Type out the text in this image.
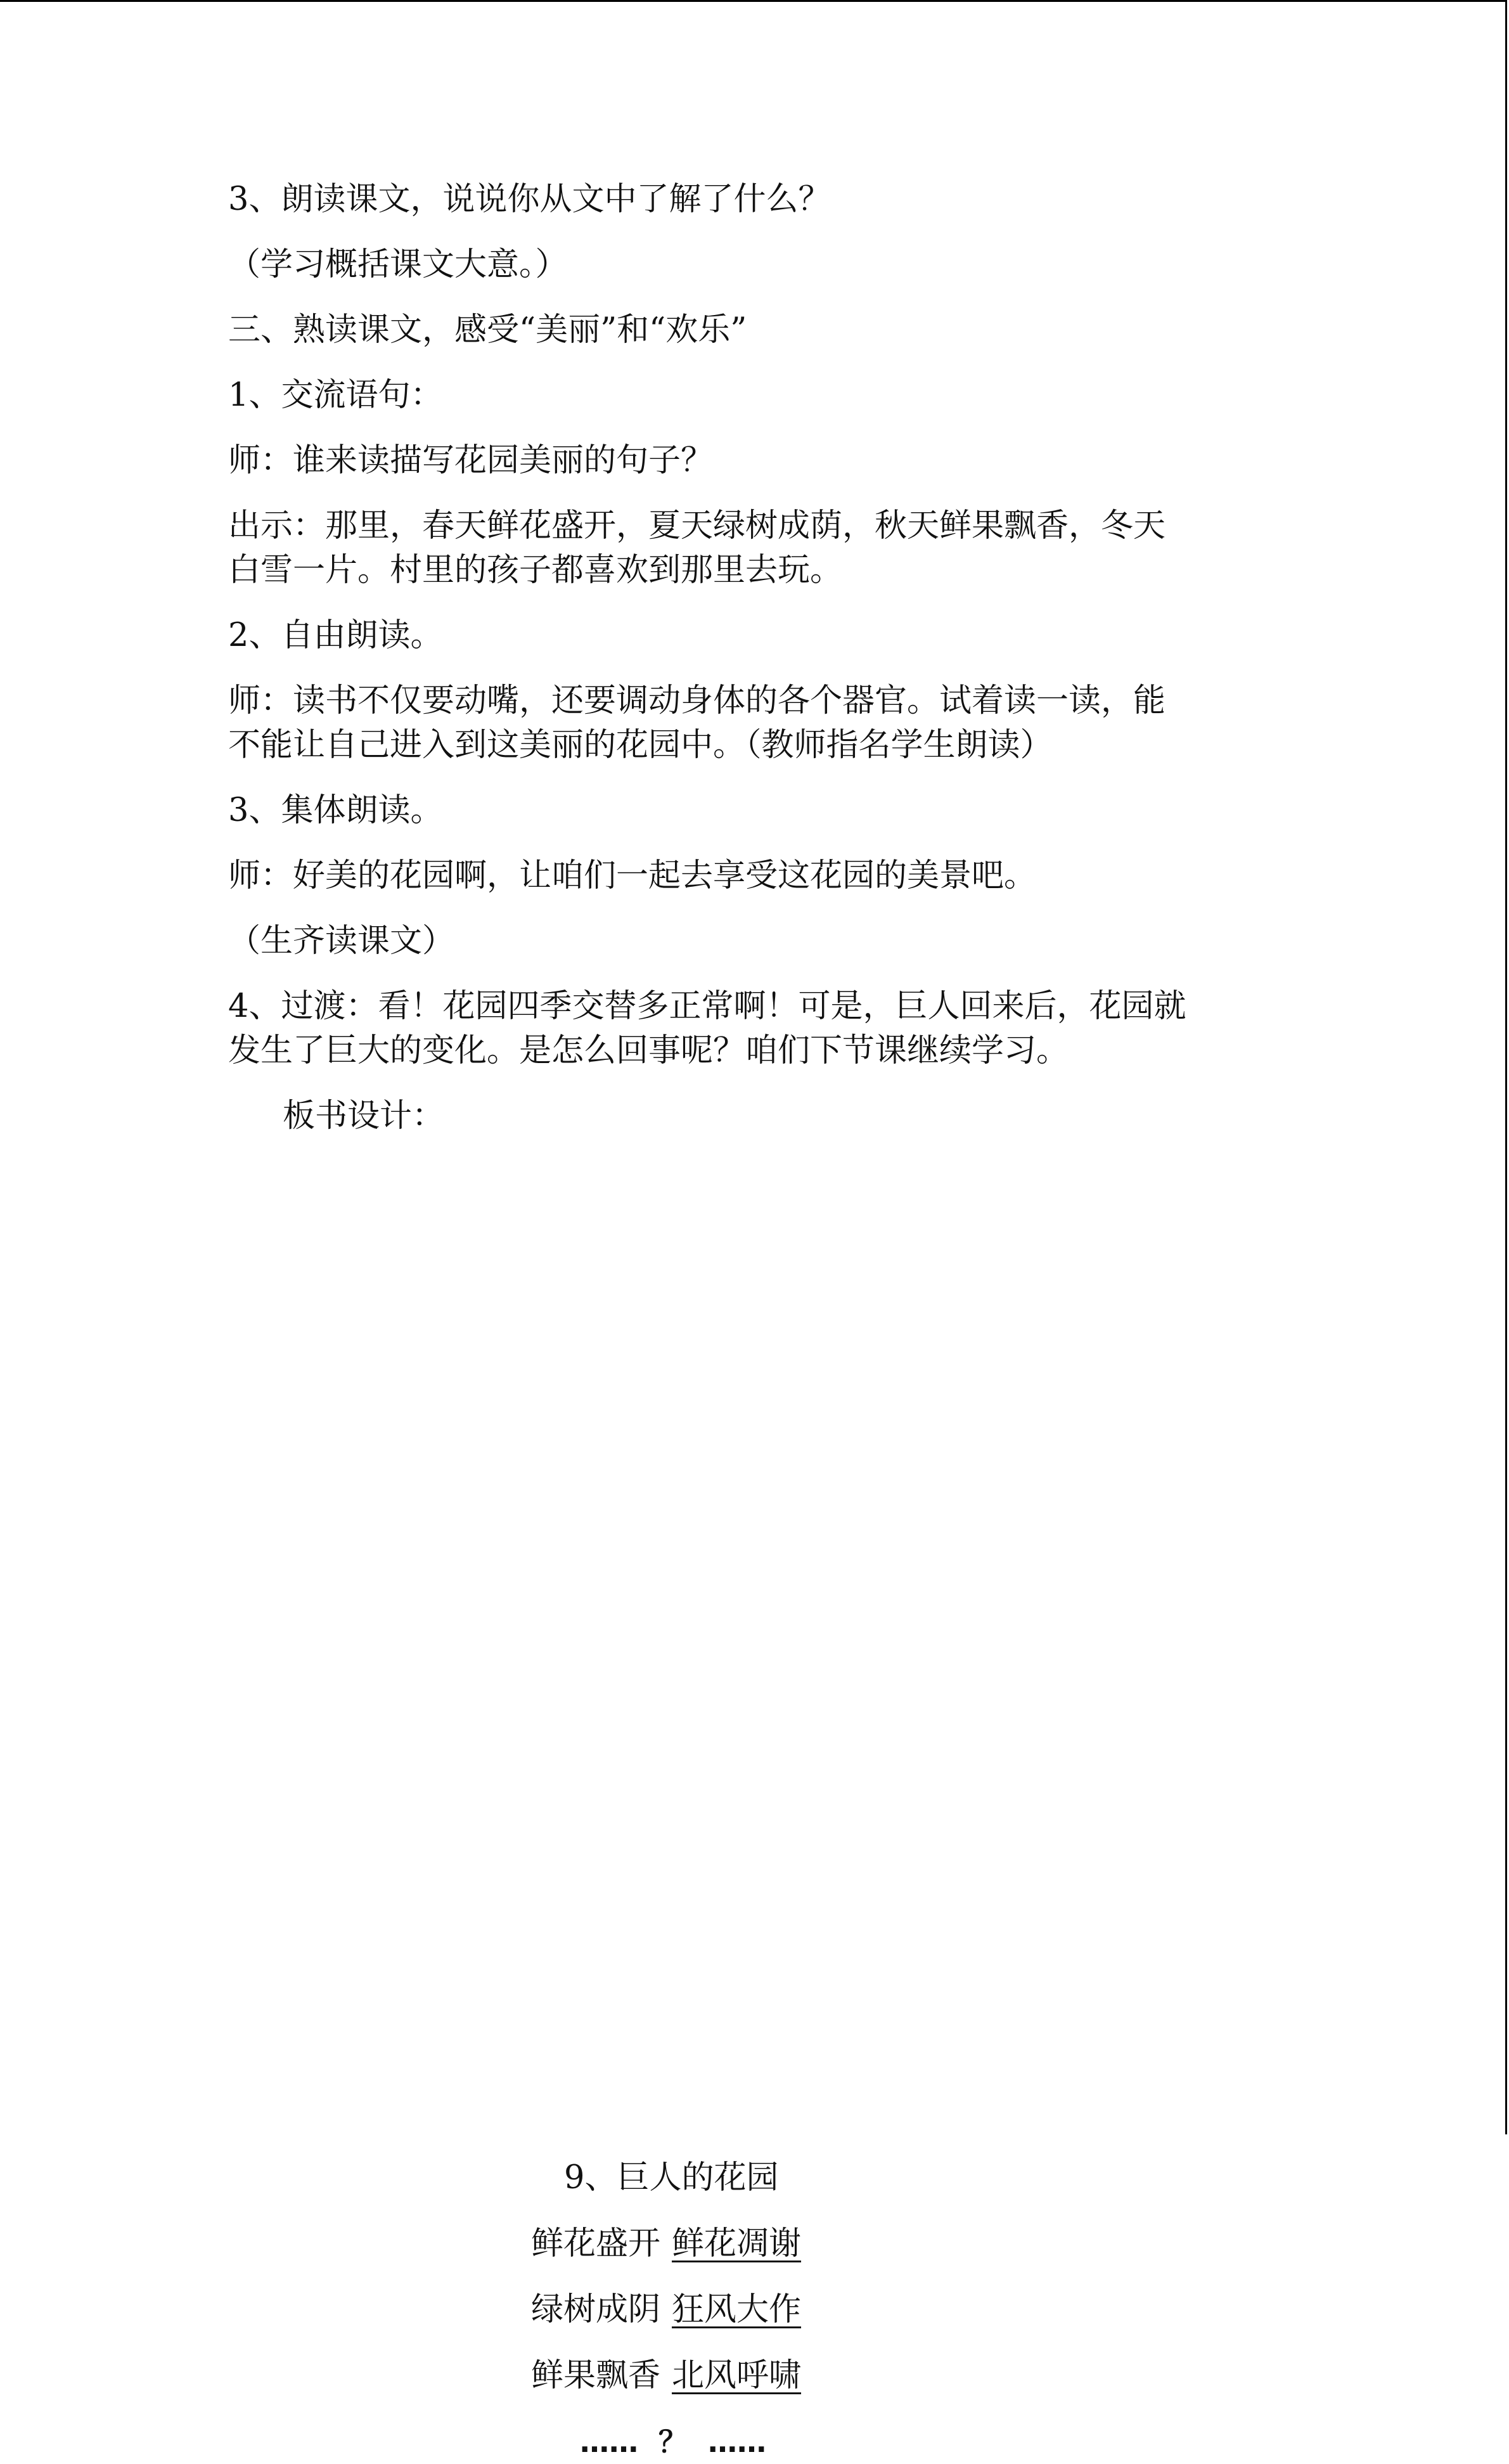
3、朗读课文，说说你从文中了解了什么？

（学习概括课文大意。）

三、熟读课文，感受“美丽”和“欢乐”

1、交流语句：

师：谁来读描写花园美丽的句子？

出示：那里，春天鲜花盛开，夏天绿树成荫，秋天鲜果飘香，冬天
白雪一片。村里的孩子都喜欢到那里去玩。

2、自由朗读。

师：读书不仅要动嘴，还要调动身体的各个器官。试着读一读，能
不能让自己进入到这美丽的花园中。（教师指名学生朗读）

3、集体朗读。

师：好美的花园啊，让咱们一起去享受这花园的美景吧。

（生齐读课文）

4、过渡：看！花园四季交替多正常啊！可是，巨人回来后，花园就
发生了巨大的变化。是怎么回事呢？咱们下节课继续学习。

板书设计：

9、巨人的花园
鲜花盛开 鲜花凋谢
绿树成阴 狂风大作
鲜果飘香 北风呼啸
……  ？  ……
